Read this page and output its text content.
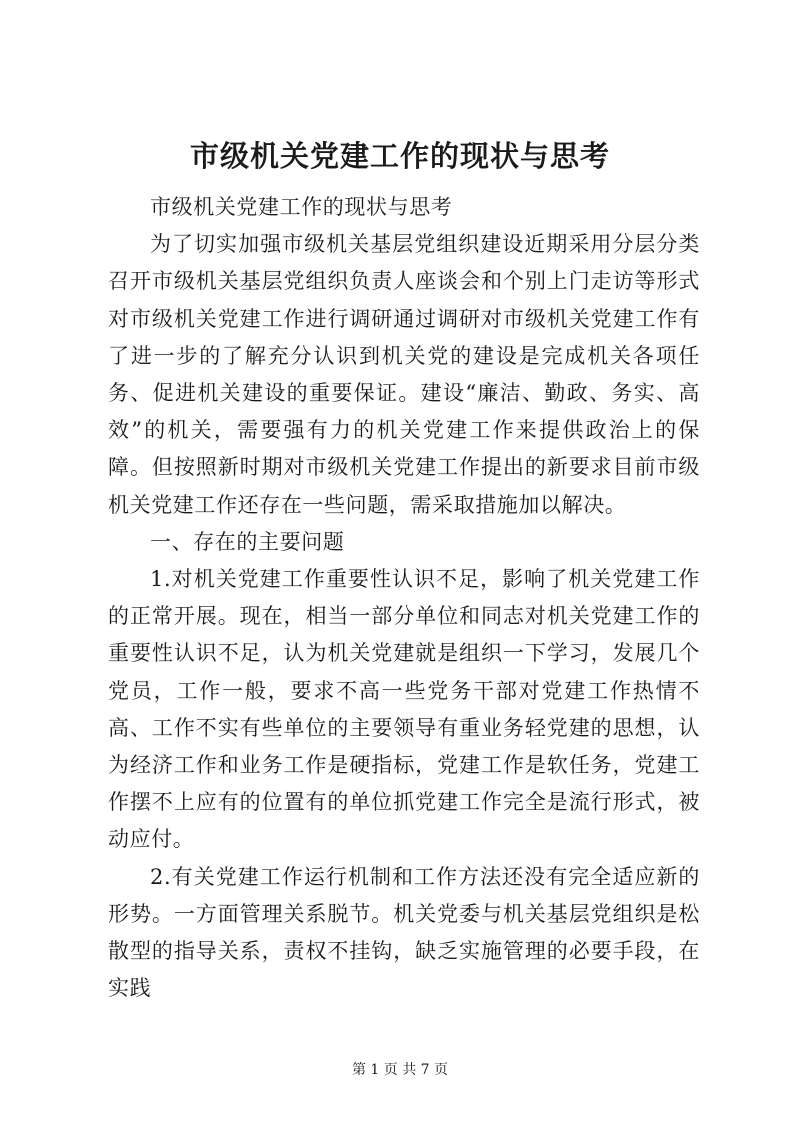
市级机关党建工作的现状与思考

市级机关党建工作的现状与思考

为了切实加强市级机关基层党组织建设近期采用分层分类召开市级机关基层党组织负责人座谈会和个别上门走访等形式对市级机关党建工作进行调研通过调研对市级机关党建工作有了进一步的了解充分认识到机关党的建设是完成机关各项任务、促进机关建设的重要保证。建设“廉洁、勤政、务实、高效”的机关，需要强有力的机关党建工作来提供政治上的保障。但按照新时期对市级机关党建工作提出的新要求目前市级机关党建工作还存在一些问题，需采取措施加以解决。

一、存在的主要问题

1.对机关党建工作重要性认识不足，影响了机关党建工作的正常开展。现在，相当一部分单位和同志对机关党建工作的重要性认识不足，认为机关党建就是组织一下学习，发展几个党员，工作一般，要求不高一些党务干部对党建工作热情不高、工作不实有些单位的主要领导有重业务轻党建的思想，认为经济工作和业务工作是硬指标，党建工作是软任务，党建工作摆不上应有的位置有的单位抓党建工作完全是流行形式，被动应付。

2.有关党建工作运行机制和工作方法还没有完全适应新的形势。一方面管理关系脱节。机关党委与机关基层党组织是松散型的指导关系，责权不挂钩，缺乏实施管理的必要手段，在实践

第 1 页 共 7 页
